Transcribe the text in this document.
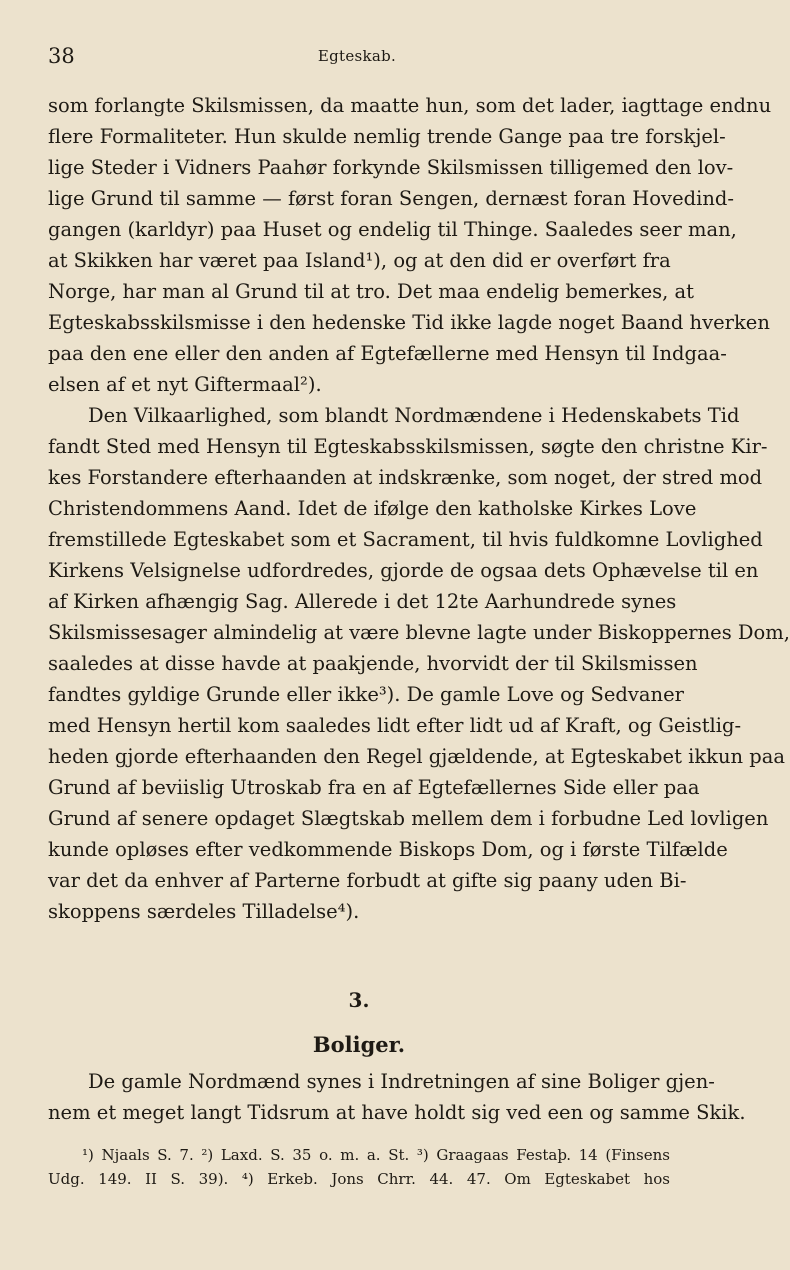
38	Egteskab.
som forlangte Skilsmissen, da maatte hun, som det lader, iagttage endnu
flere Formaliteter. Hun skulde nemlig trende Gange paa tre forskjel-
lige Steder i Vidners Paahør forkynde Skilsmissen tilligemed den lov-
lige Grund til samme — først foran Sengen, dernæst foran Hovedind-
gangen (karldyr) paa Huset og endelig til Thinge. Saaledes seer man,
at Skikken har været paa Island¹), og at den did er overført fra
Norge, har man al Grund til at tro. Det maa endelig bemerkes, at
Egteskabsskilsmisse i den hedenske Tid ikke lagde noget Baand hverken
paa den ene eller den anden af Egtefællerne med Hensyn til Indgaa-
elsen af et nyt Giftermaal²).
Den Vilkaarlighed, som blandt Nordmændene i Hedenskabets Tid
fandt Sted med Hensyn til Egteskabsskilsmissen, søgte den christne Kir-
kes Forstandere efterhaanden at indskrænke, som noget, der stred mod
Christendommens Aand. Idet de ifølge den katholske Kirkes Love
fremstillede Egteskabet som et Sacrament, til hvis fuldkomne Lovlighed
Kirkens Velsignelse udfordredes, gjorde de ogsaa dets Ophævelse til en
af Kirken afhængig Sag. Allerede i det 12te Aarhundrede synes
Skilsmissesager almindelig at være blevne lagte under Biskoppernes Dom,
saaledes at disse havde at paakjende, hvorvidt der til Skilsmissen
fandtes gyldige Grunde eller ikke³). De gamle Love og Sedvaner
med Hensyn hertil kom saaledes lidt efter lidt ud af Kraft, og Geistlig-
heden gjorde efterhaanden den Regel gjældende, at Egteskabet ikkun paa
Grund af beviislig Utroskab fra en af Egtefællernes Side eller paa
Grund af senere opdaget Slægtskab mellem dem i forbudne Led lovligen
kunde opløses efter vedkommende Biskops Dom, og i første Tilfælde
var det da enhver af Parterne forbudt at gifte sig paany uden Bi-
skoppens særdeles Tilladelse⁴).
3.
Boliger.
De gamle Nordmænd synes i Indretningen af sine Boliger gjen-
nem et meget langt Tidsrum at have holdt sig ved een og samme Skik.
¹) Njaals S. 7. ²) Laxd. S. 35 o. m. a. St. ³) Graagaas Festaþ. 14 (Finsens
Udg. 149. II S. 39). ⁴) Erkeb. Jons Chrr. 44. 47. Om Egteskabet hos
